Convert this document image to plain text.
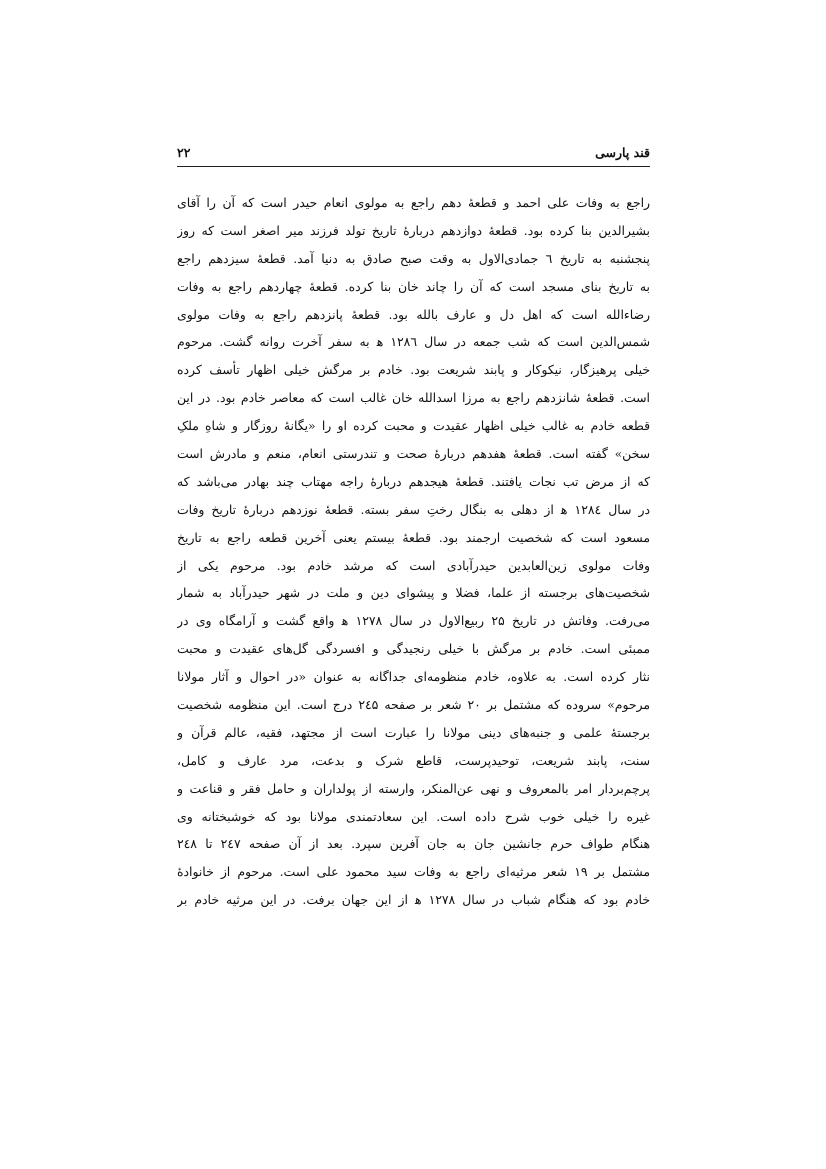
قند پارسی
۲۲
راجع به وفات علی احمد و قطعۀ دهم راجع به مولوی انعام حیدر است که آن را آقای
بشیرالدین بنا کرده بود. قطعۀ دوازدهم دربارۀ تاریخ تولد فرزند میر اصغر است که روز
پنجشنبه به تاریخ ٦ جمادی‌الاول به وقت صبح صادق به دنیا آمد. قطعۀ سیزدهم راجع
به تاریخ بنای مسجد است که آن را چاند خان بنا کرده. قطعۀ چهاردهم راجع به وفات
رضاءالله است که اهل دل و عارف بالله بود. قطعۀ پانزدهم راجع به وفات مولوی
شمس‌الدین است که شب جمعه در سال ۱۲۸٦ ﻫ به سفر آخرت روانه گشت. مرحوم
خیلی پرهیزگار، نیکوکار و پابند شریعت بود. خادم بر مرگش خیلی اظهار تأسف کرده
است. قطعۀ شانزدهم راجع به مرزا اسدالله خان غالب است که معاصر خادم بود. در این
قطعه خادم به غالب خیلی اظهار عقیدت و محبت کرده او را «یگانۀ روزگار و شاهِ ملکِ
سخن» گفته است. قطعۀ هفدهم دربارۀ صحت و تندرستی انعام، منعم و مادرش است
که از مرض تب نجات یافتند. قطعۀ هیجدهم دربارۀ راجه مهتاب چند بهادر می‌باشد که
در سال ۱۲۸٤ ﻫ از دهلی به بنگال رختِ سفر بسته. قطعۀ نوزدهم دربارۀ تاریخ وفات
مسعود است که شخصیت ارجمند بود. قطعۀ بیستم یعنی آخرین قطعه راجع به تاریخ
وفات مولوی زین‌العابدین حیدرآبادی است که مرشد خادم بود. مرحوم یکی از
شخصیت‌های برجسته از علما، فضلا و پیشوای دین و ملت در شهر حیدرآباد به شمار
می‌رفت. وفاتش در تاریخ ۲۵ ربیع‌الاول در سال ۱۲۷۸ ﻫ واقع گشت و آرامگاه وی در
ممبئی است. خادم بر مرگش با خیلی رنجیدگی و افسردگی گل‌های عقیدت و محبت
نثار کرده است. به علاوه، خادم منظومه‌ای جداگانه به عنوان «در احوال و آثار مولانا
مرحوم» سروده که مشتمل بر ۲۰ شعر بر صفحه ۲٤۵ درج است. این منظومه شخصیت
برجستۀ علمی و جنبه‌های دینی مولانا را عبارت است از مجتهد، فقیه، عالم قرآن و
سنت، پابند شریعت، توحیدپرست، قاطع شرک و بدعت، مرد عارف و کامل،
پرچم‌بردار امر بالمعروف و نهی عن‌المنکر، وارسته از پولداران و حامل فقر و قناعت و
غیره را خیلی خوب شرح داده است. این سعادتمندی مولانا بود که خوشبختانه وی
هنگام طواف حرم جانشین جان به جان آفرین سپرد. بعد از آن صفحه ۲٤۷ تا ۲٤۸
مشتمل بر ۱۹ شعر مرثیه‌ای راجع به وفات سید محمود علی است. مرحوم از خانوادۀ
خادم بود که هنگام شباب در سال ۱۲۷۸ ﻫ از این جهان برفت. در این مرثیه خادم بر
